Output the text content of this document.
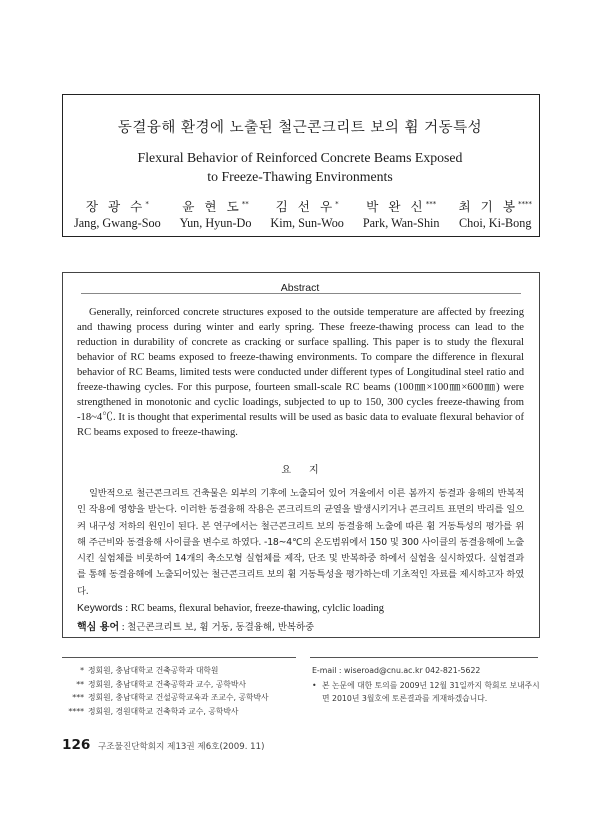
동결융해 환경에 노출된 철근콘크리트 보의 휨 거동특성
Flexural Behavior of Reinforced Concrete Beams Exposed
to Freeze-Thawing Environments
장 광 수*
Jang, Gwang-Soo
윤 현 도**
Yun, Hyun-Do
김 선 우*
Kim, Sun-Woo
박 완 신***
Park, Wan-Shin
최 기 봉****
Choi, Ki-Bong
Abstract

Generally, reinforced concrete structures exposed to the outside temperature are affected by freezing and thawing process during winter and early spring. These freeze-thawing process can lead to the reduction in durability of concrete as cracking or surface spalling. This paper is to study the flexural behavior of RC beams exposed to freeze-thawing environments. To compare the difference in flexural behavior of RC Beams, limited tests were conducted under different types of Longitudinal steel ratio and freeze-thawing cycles. For this purpose, fourteen small-scale RC beams (100㎜×100㎜×600㎜) were strengthened in monotonic and cyclic loadings, subjected to up to 150, 300 cycles freeze-thawing from -18~4℃. It is thought that experimental results will be used as basic data to evaluate flexural behavior of RC beams exposed to freeze-thawing.

요지

일반적으로 철근콘크리트 건축물은 외부의 기후에 노출되어 있어 겨울에서 이른 봄까지 동결과 융해의 반복적인 작용에 영향을 받는다. 이러한 동결융해 작용은 콘크리트의 균열을 발생시키거나 콘크리트 표면의 박리를 일으켜 내구성 저하의 원인이 된다. 본 연구에서는 철근콘크리트 보의 동결융해 노출에 따른 휨 거동특성의 평가를 위해 주근비와 동결융해 사이클을 변수로 하였다. -18~4℃의 온도범위에서 150 및 300 사이클의 동결융해에 노출시킨 실험체를 비롯하여 14개의 축소모형 실험체를 제작, 단조 및 반복하중 하에서 실험을 실시하였다. 실험결과를 통해 동결융해에 노출되어있는 철근콘크리트 보의 휨 거동특성을 평가하는데 기초적인 자료를 제시하고자 하였다.

Keywords : RC beams, flexural behavior, freeze-thawing, cylclic loading
핵심 용어 : 철근콘크리트 보, 휨 거동, 동결융해, 반복하중
* 정회원, 충남대학교 건축공학과 대학원
** 정회원, 충남대학교 건축공학과 교수, 공학박사
*** 정회원, 충남대학교 건설공학교육과 조교수, 공학박사
**** 정회원, 경원대학교 건축학과 교수, 공학박사
E-mail : wiseroad@cnu.ac.kr 042-821-5622
• 본 논문에 대한 토의를 2009년 12월 31일까지 학회로 보내주시면 2010년 3월호에 토론결과를 게재하겠습니다.
126 구조물진단학회지 제13권 제6호(2009. 11)
